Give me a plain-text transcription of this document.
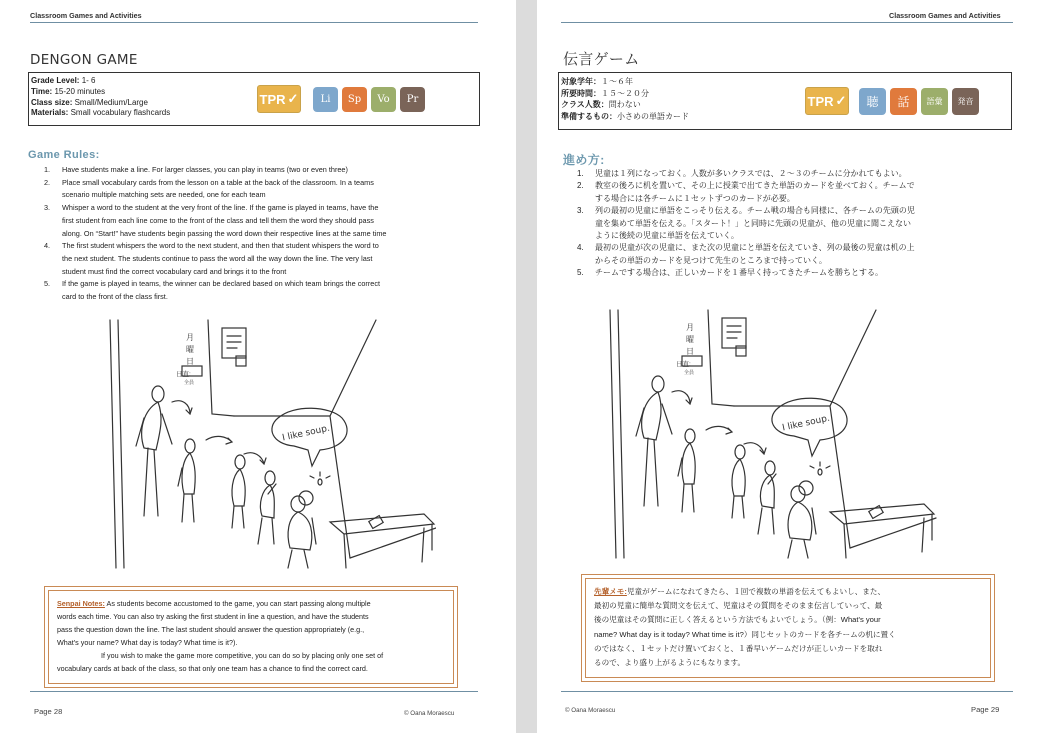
Classroom Games and Activities
DENGON GAME
Grade Level: 1- 6
Time: 15-20 minutes
Class size: Small/Medium/Large
Materials: Small vocabulary flashcards
TPR ✓	Li	Sp	Vo	Pr
Game Rules:
1. Have students make a line. For larger classes, you can play in teams (two or even three)
2. Place small vocabulary cards from the lesson on a table at the back of the classroom. In a teams
scenario multiple matching sets are needed, one for each team
3. Whisper a word to the student at the very front of the line. If the game is played in teams, have the
first student from each line come to the front of the class and tell them the word they should pass
along. On “Start!” have students begin passing the word down their respective lines at the same time
4. The first student whispers the word to the next student, and then that student whispers the word to
the next student. The students continue to pass the word all the way down the line. The very last
student must find the correct vocabulary card and brings it to the front
5. If the game is played in teams, the winner can be declared based on which team brings the correct
card to the front of the class first.
I like soup.
月
曜
日
日直:
全員
Senpai Notes: As students become accustomed to the game, you can start passing along multiple
words each time. You can also try asking the first student in line a question, and have the students
pass the question down the line. The last student should answer the question appropriately (e.g.,
What's your name? What day is today? What time is it?).
If you wish to make the game more competitive, you can do so by placing only one set of
vocabulary cards at back of the class, so that only one team has a chance to find the correct card.
Page 28	© Oana Moraescu
Classroom Games and Activities
伝言ゲーム
対象学年：１～６年
所要時間：１５～２０分
クラス人数：問わない
準備するもの：小さめの単語カード
TPR ✓	聴	話	語彙	発音
進め方:
1. 児童は１列になっておく。人数が多いクラスでは、２～３のチームに分かれてもよい。
2. 教室の後ろに机を置いて、その上に授業で出てきた単語のカードを並べておく。チームで
する場合には各チームに１セットずつのカードが必要。
3. 列の最初の児童に単語をこっそり伝える。チーム戦の場合も同様に、各チームの先頭の児
童を集めて単語を伝える。「スタート！」と同時に先頭の児童が、他の児童に聞こえない
ように後続の児童に単語を伝えていく。
4. 最初の児童が次の児童に、また次の児童にと単語を伝えていき、列の最後の児童は机の上
からその単語のカードを見つけて先生のところまで持っていく。
5. チームでする場合は、正しいカードを１番早く持ってきたチームを勝ちとする。
I like soup.
月
曜
日
日直:
全員
先輩メモ:児童がゲームになれてきたら、１回で複数の単語を伝えてもよいし、また、
最初の児童に簡単な質問文を伝えて、児童はその質問をそのまま伝言していって、最
後の児童はその質問に正しく答えるという方法でもよいでしょう。（例：What's your
name? What day is it today? What time is it?）同じセットのカードを各チームの机に置く
のではなく、１セットだけ置いておくと、１番早いゲームだけが正しいカードを取れ
るので、より盛り上がるようにもなります。
© Oana Moraescu	Page 29
